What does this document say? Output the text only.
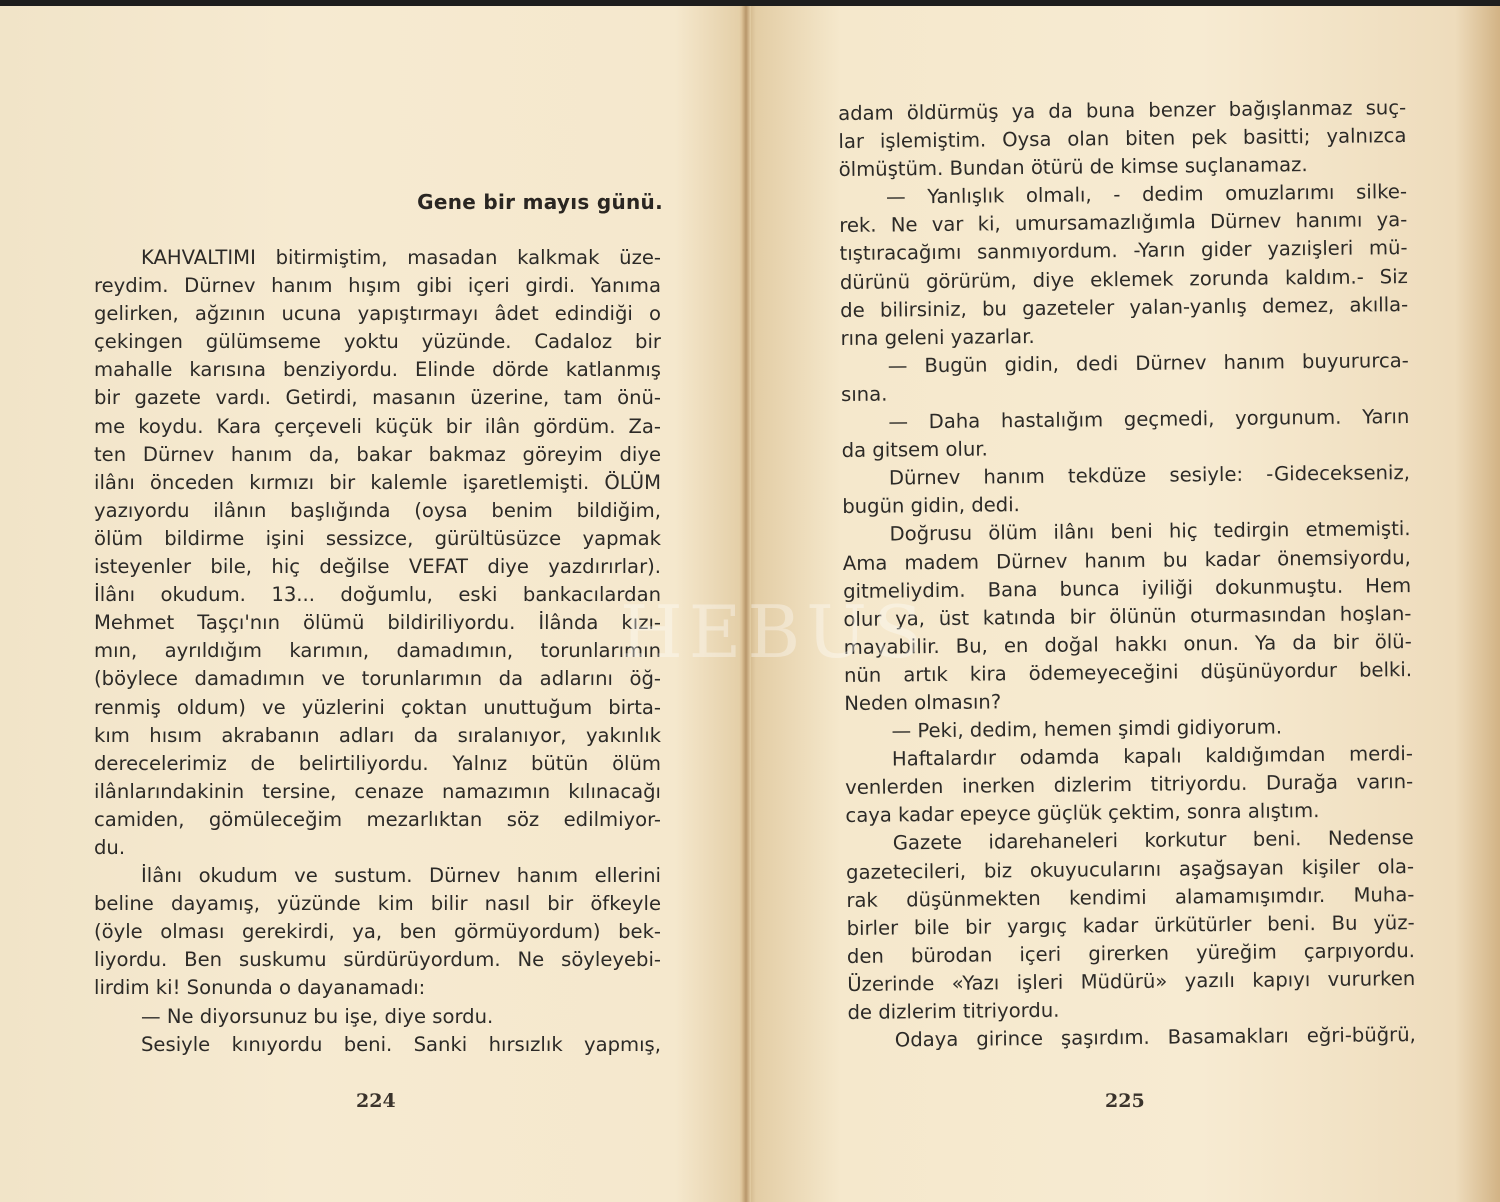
Gene bir mayıs günü.

KAHVALTIMI bitirmiştim, masadan kalkmak üze-

reydim. Dürnev hanım hışım gibi içeri girdi. Yanıma

gelirken, ağzının ucuna yapıştırmayı âdet edindiği o

çekingen gülümseme yoktu yüzünde. Cadaloz bir

mahalle karısına benziyordu. Elinde dörde katlanmış

bir gazete vardı. Getirdi, masanın üzerine, tam önü-

me koydu. Kara çerçeveli küçük bir ilân gördüm. Za-

ten Dürnev hanım da, bakar bakmaz göreyim diye

ilânı önceden kırmızı bir kalemle işaretlemişti. ÖLÜM

yazıyordu ilânın başlığında (oysa benim bildiğim,

ölüm bildirme işini sessizce, gürültüsüzce yapmak

isteyenler bile, hiç değilse VEFAT diye yazdırırlar).

İlânı okudum. 13... doğumlu, eski bankacılardan

Mehmet Taşçı'nın ölümü bildiriliyordu. İlânda kızı-

mın, ayrıldığım karımın, damadımın, torunlarımın

(böylece damadımın ve torunlarımın da adlarını öğ-

renmiş oldum) ve yüzlerini çoktan unuttuğum birta-

kım hısım akrabanın adları da sıralanıyor, yakınlık

derecelerimiz de belirtiliyordu. Yalnız bütün ölüm

ilânlarındakinin tersine, cenaze namazımın kılınacağı

camiden, gömüleceğim mezarlıktan söz edilmiyor-

du.

İlânı okudum ve sustum. Dürnev hanım ellerini

beline dayamış, yüzünde kim bilir nasıl bir öfkeyle

(öyle olması gerekirdi, ya, ben görmüyordum) bek-

liyordu. Ben suskumu sürdürüyordum. Ne söyleyebi-

lirdim ki! Sonunda o dayanamadı:

— Ne diyorsunuz bu işe, diye sordu.

Sesiyle kınıyordu beni. Sanki hırsızlık yapmış,

224

adam öldürmüş ya da buna benzer bağışlanmaz suç-

lar işlemiştim. Oysa olan biten pek basitti; yalnızca

ölmüştüm. Bundan ötürü de kimse suçlanamaz.

— Yanlışlık olmalı, - dedim omuzlarımı silke-

rek. Ne var ki, umursamazlığımla Dürnev hanımı ya-

tıştıracağımı sanmıyordum. -Yarın gider yazıişleri mü-

dürünü görürüm, diye eklemek zorunda kaldım.- Siz

de bilirsiniz, bu gazeteler yalan-yanlış demez, akılla-

rına geleni yazarlar.

— Bugün gidin, dedi Dürnev hanım buyururca-

sına.

— Daha hastalığım geçmedi, yorgunum. Yarın

da gitsem olur.

Dürnev hanım tekdüze sesiyle: -Gidecekseniz,

bugün gidin, dedi.

Doğrusu ölüm ilânı beni hiç tedirgin etmemişti.

Ama madem Dürnev hanım bu kadar önemsiyordu,

gitmeliydim. Bana bunca iyiliği dokunmuştu. Hem

olur ya, üst katında bir ölünün oturmasından hoşlan-

mayabilir. Bu, en doğal hakkı onun. Ya da bir ölü-

nün artık kira ödemeyeceğini düşünüyordur belki.

Neden olmasın?

— Peki, dedim, hemen şimdi gidiyorum.

Haftalardır odamda kapalı kaldığımdan merdi-

venlerden inerken dizlerim titriyordu. Durağa varın-

caya kadar epeyce güçlük çektim, sonra alıştım.

Gazete idarehaneleri korkutur beni. Nedense

gazetecileri, biz okuyucularını aşağsayan kişiler ola-

rak düşünmekten kendimi alamamışımdır. Muha-

birler bile bir yargıç kadar ürkütürler beni. Bu yüz-

den bürodan içeri girerken yüreğim çarpıyordu.

Üzerinde «Yazı işleri Müdürü» yazılı kapıyı vururken

de dizlerim titriyordu.

Odaya girince şaşırdım. Basamakları eğri-büğrü,

225
HEBUS
